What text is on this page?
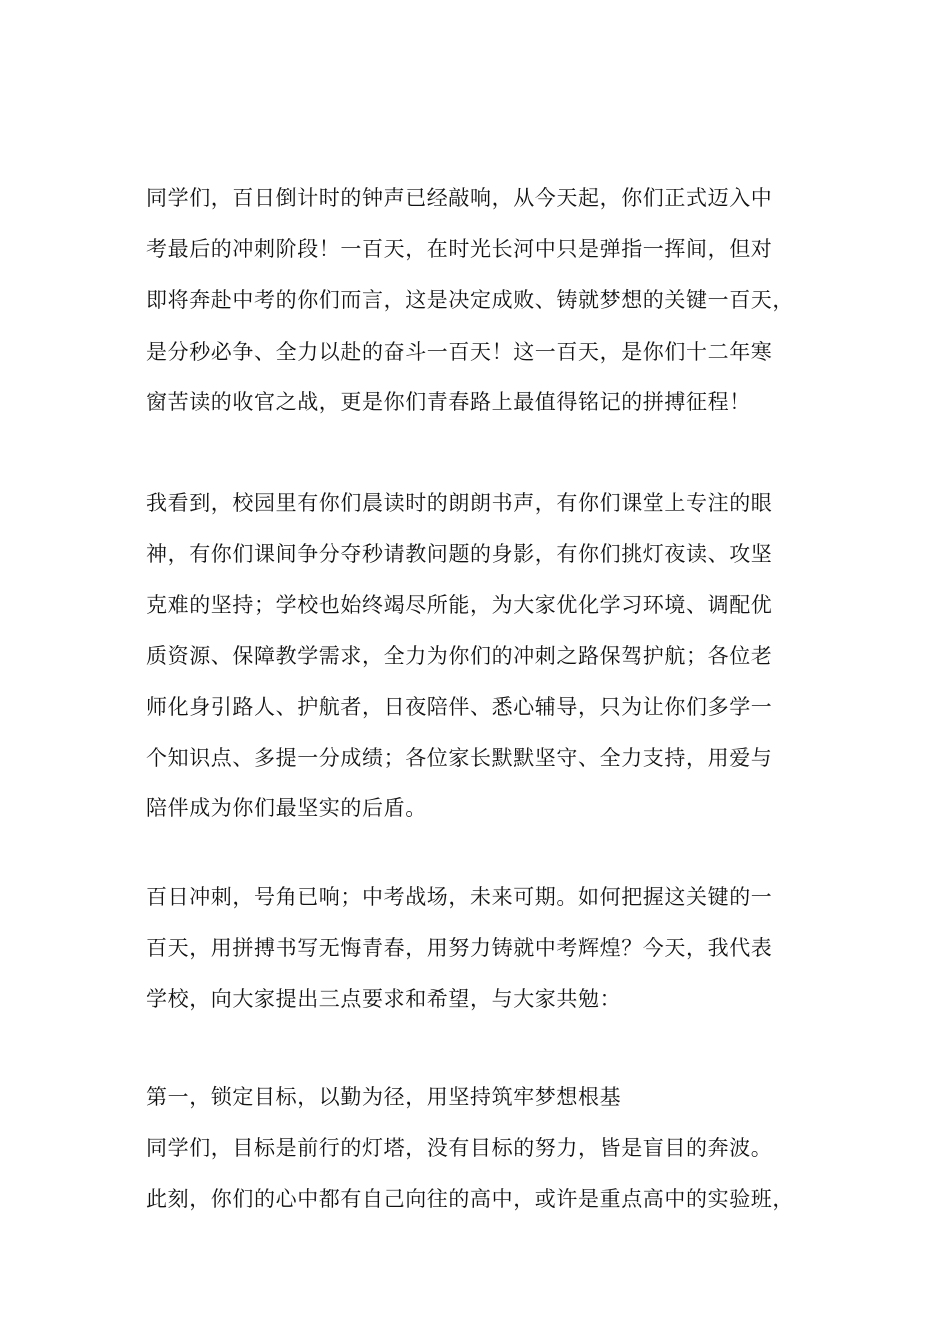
同学们，百日倒计时的钟声已经敲响，从今天起，你们正式迈入中
考最后的冲刺阶段！一百天，在时光长河中只是弹指一挥间，但对
即将奔赴中考的你们而言，这是决定成败、铸就梦想的关键一百天，
是分秒必争、全力以赴的奋斗一百天！这一百天，是你们十二年寒
窗苦读的收官之战，更是你们青春路上最值得铭记的拼搏征程！
我看到，校园里有你们晨读时的朗朗书声，有你们课堂上专注的眼
神，有你们课间争分夺秒请教问题的身影，有你们挑灯夜读、攻坚
克难的坚持；学校也始终竭尽所能，为大家优化学习环境、调配优
质资源、保障教学需求，全力为你们的冲刺之路保驾护航；各位老
师化身引路人、护航者，日夜陪伴、悉心辅导，只为让你们多学一
个知识点、多提一分成绩；各位家长默默坚守、全力支持，用爱与
陪伴成为你们最坚实的后盾。
百日冲刺，号角已响；中考战场，未来可期。如何把握这关键的一
百天，用拼搏书写无悔青春，用努力铸就中考辉煌？今天，我代表
学校，向大家提出三点要求和希望，与大家共勉：
第一，锁定目标，以勤为径，用坚持筑牢梦想根基
同学们，目标是前行的灯塔，没有目标的努力，皆是盲目的奔波。
此刻，你们的心中都有自己向往的高中，或许是重点高中的实验班，
